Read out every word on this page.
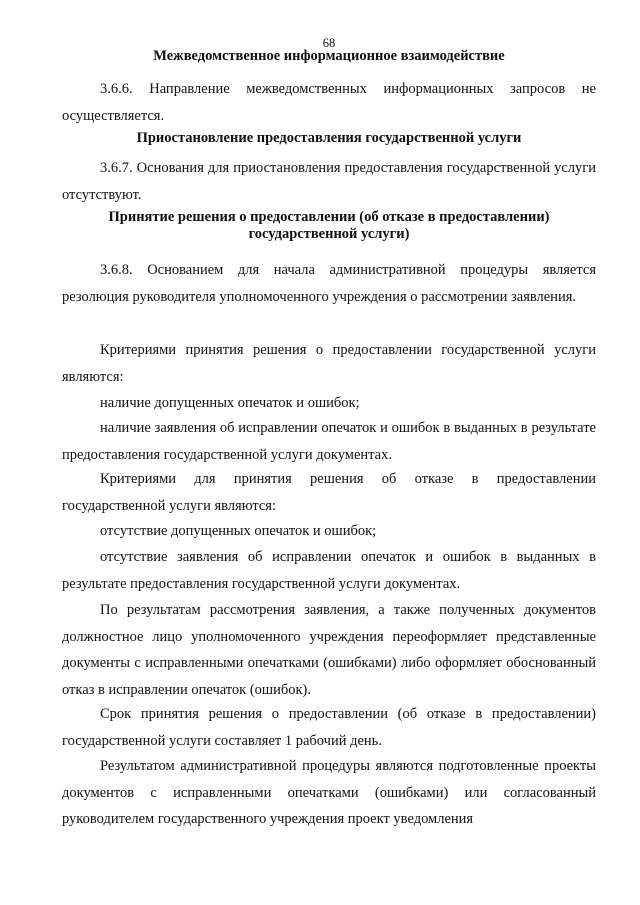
68

Межведомственное информационное взаимодействие

3.6.6. Направление межведомственных информационных запросов не осуществляется.

Приостановление предоставления государственной услуги

3.6.7. Основания для приостановления предоставления государственной услуги отсутствуют.

Принятие решения о предоставлении (об отказе в предоставлении)

государственной услуги)

3.6.8. Основанием для начала административной процедуры является резолюция руководителя уполномоченного учреждения о рассмотрении заявления.

Критериями принятия решения о предоставлении государственной услуги являются:

наличие допущенных опечаток и ошибок;

наличие заявления об исправлении опечаток и ошибок в выданных в результате предоставления государственной услуги документах.

Критериями для принятия решения об отказе в предоставлении государственной услуги являются:

отсутствие допущенных опечаток и ошибок;

отсутствие заявления об исправлении опечаток и ошибок в выданных в результате предоставления государственной услуги документах.

По результатам рассмотрения заявления, а также полученных документов должностное лицо уполномоченного учреждения переоформляет представленные документы с исправленными опечатками (ошибками) либо оформляет обоснованный отказ в исправлении опечаток (ошибок).

Срок принятия решения о предоставлении (об отказе в предоставлении) государственной услуги составляет 1 рабочий день.

Результатом административной процедуры являются подготовленные проекты документов с исправленными опечатками (ошибками) или согласованный руководителем государственного учреждения проект уведомления
